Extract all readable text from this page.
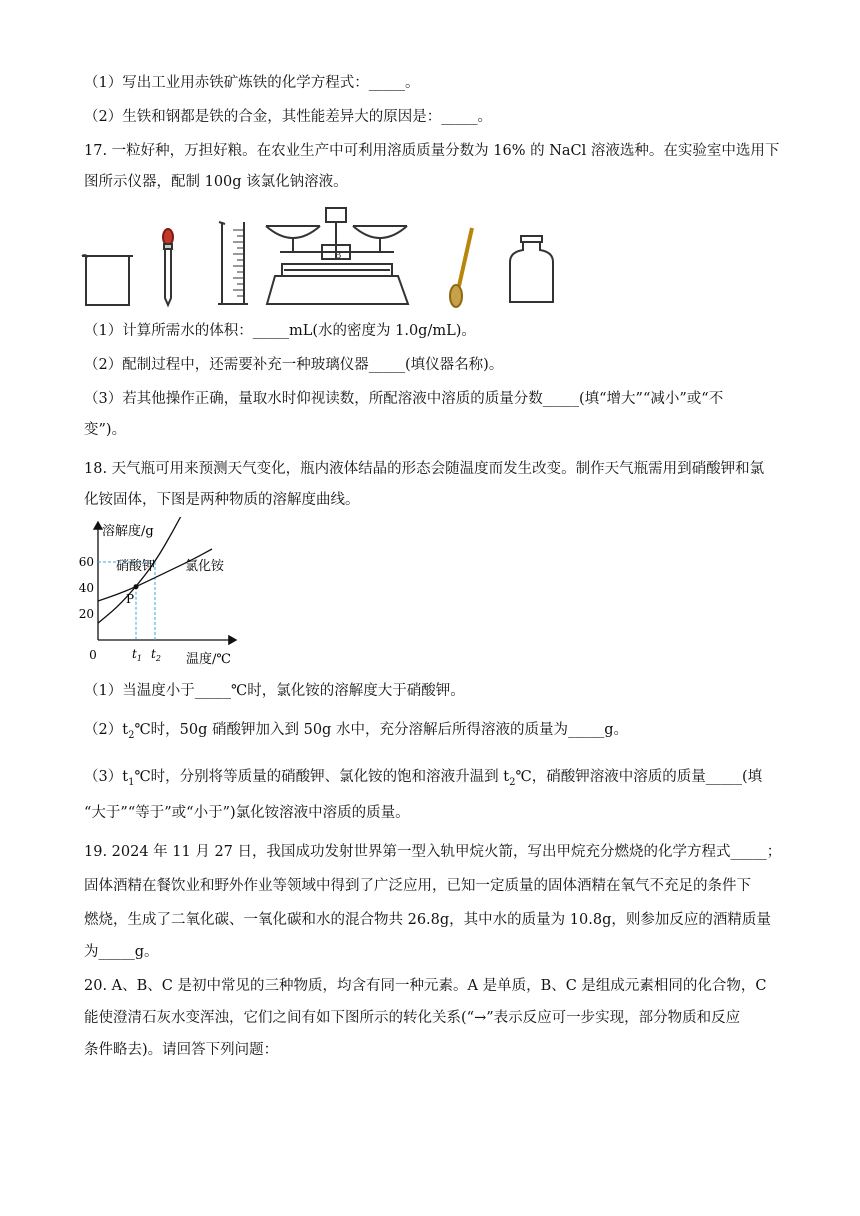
（1）写出工业用赤铁矿炼铁的化学方程式：_____。
（2）生铁和钢都是铁的合金，其性能差异大的原因是：_____。
17. 一粒好种，万担好粮。在农业生产中可利用溶质质量分数为 16% 的 NaCl 溶液选种。在实验室中选用下
图所示仪器，配制 100g 该氯化钠溶液。
B
（1）计算所需水的体积：_____mL(水的密度为 1.0g/mL)。
（2）配制过程中，还需要补充一种玻璃仪器_____(填仪器名称)。
（3）若其他操作正确，量取水时仰视读数，所配溶液中溶质的质量分数_____(填“增大”“减小”或“不
变”)。
18. 天气瓶可用来预测天气变化，瓶内液体结晶的形态会随温度而发生改变。制作天气瓶需用到硝酸钾和氯
化铵固体，下图是两种物质的溶解度曲线。
溶解度/g
温度/℃
0
20
40
60
$t_1$ $t_2$
硝酸钾 氯化铵
P
（1）当温度小于_____℃时，氯化铵的溶解度大于硝酸钾。
$(2)t_2℃$时，50g 硝酸钾加入到 50g 水中，充分溶解后所得溶液的质量为_____g。
$(3)t_1℃$时，分别将等质量的硝酸钾、氯化铵的饱和溶液升温到 $t_2℃$，硝酸钾溶液中溶质的质量_____(填
“大于”“等于”或“小于”)氯化铵溶液中溶质的质量。
19. 2024 年 11 月 27 日，我国成功发射世界第一型入轨甲烷火箭，写出甲烷充分燃烧的化学方程式_____；
固体酒精在餐饮业和野外作业等领域中得到了广泛应用，已知一定质量的固体酒精在氧气不充足的条件下
燃烧，生成了二氧化碳、一氧化碳和水的混合物共 26.8g，其中水的质量为 10.8g，则参加反应的酒精质量
为_____g。
20. A、B、C 是初中常见的三种物质，均含有同一种元素。A 是单质，B、C 是组成元素相同的化合物，C
能使澄清石灰水变浑浊，它们之间有如下图所示的转化关系(“→”表示反应可一步实现，部分物质和反应
条件略去)。请回答下列问题：
